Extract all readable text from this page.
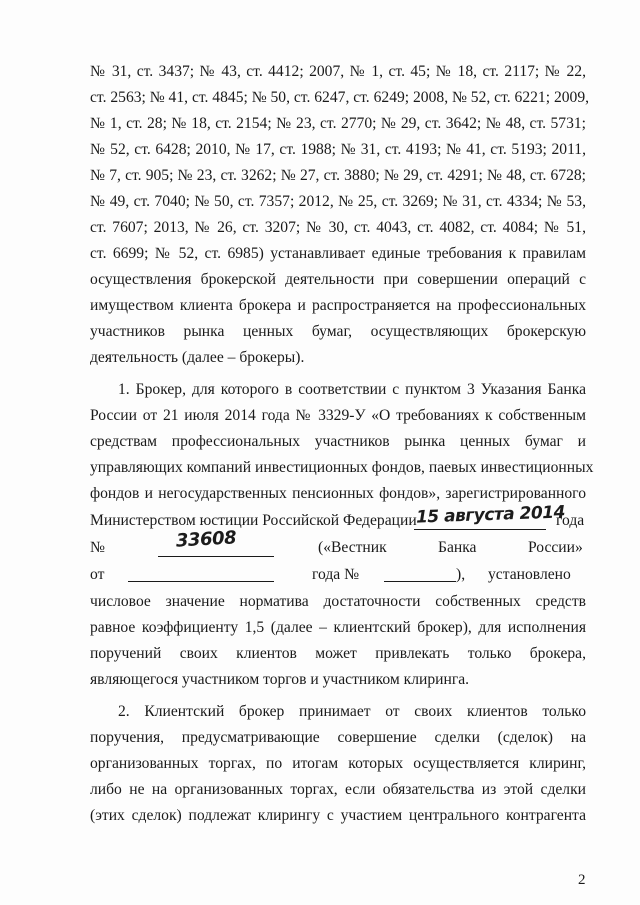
№ 31, ст. 3437; № 43, ст. 4412; 2007, № 1, ст. 45; № 18, ст. 2117; № 22,
ст. 2563; № 41, ст. 4845; № 50, ст. 6247, ст. 6249; 2008, № 52, ст. 6221; 2009,
№ 1, ст. 28; № 18, ст. 2154; № 23, ст. 2770; № 29, ст. 3642; № 48, ст. 5731;
№ 52, ст. 6428; 2010, № 17, ст. 1988; № 31, ст. 4193; № 41, ст. 5193; 2011,
№ 7, ст. 905; № 23, ст. 3262; № 27, ст. 3880; № 29, ст. 4291; № 48, ст. 6728;
№ 49, ст. 7040; № 50, ст. 7357; 2012, № 25, ст. 3269; № 31, ст. 4334; № 53,
ст. 7607; 2013, № 26, ст. 3207; № 30, ст. 4043, ст. 4082, ст. 4084; № 51,
ст. 6699; № 52, ст. 6985) устанавливает единые требования к правилам
осуществления брокерской деятельности при совершении операций с
имуществом клиента брокера и распространяется на профессиональных
участников рынка ценных бумаг, осуществляющих брокерскую
деятельность (далее – брокеры).
1. Брокер, для которого в соответствии с пунктом 3 Указания Банка
России от 21 июля 2014 года № 3329-У «О требованиях к собственным
средствам профессиональных участников рынка ценных бумаг и
управляющих компаний инвестиционных фондов, паевых инвестиционных
фондов и негосударственных пенсионных фондов», зарегистрированного
Министерством юстиции Российской Федерации 15 августа 2014
года
№	33608	(«Вестник	Банка	России»
от	года №	), установлено
числовое значение норматива достаточности собственных средств
равное коэффициенту 1,5 (далее – клиентский брокер), для исполнения
поручений своих клиентов может привлекать только брокера,
являющегося участником торгов и участником клиринга.
2. Клиентский брокер принимает от своих клиентов только
поручения, предусматривающие совершение сделки (сделок) на
организованных торгах, по итогам которых осуществляется клиринг,
либо не на организованных торгах, если обязательства из этой сделки
(этих сделок) подлежат клирингу с участием центрального контрагента
2
